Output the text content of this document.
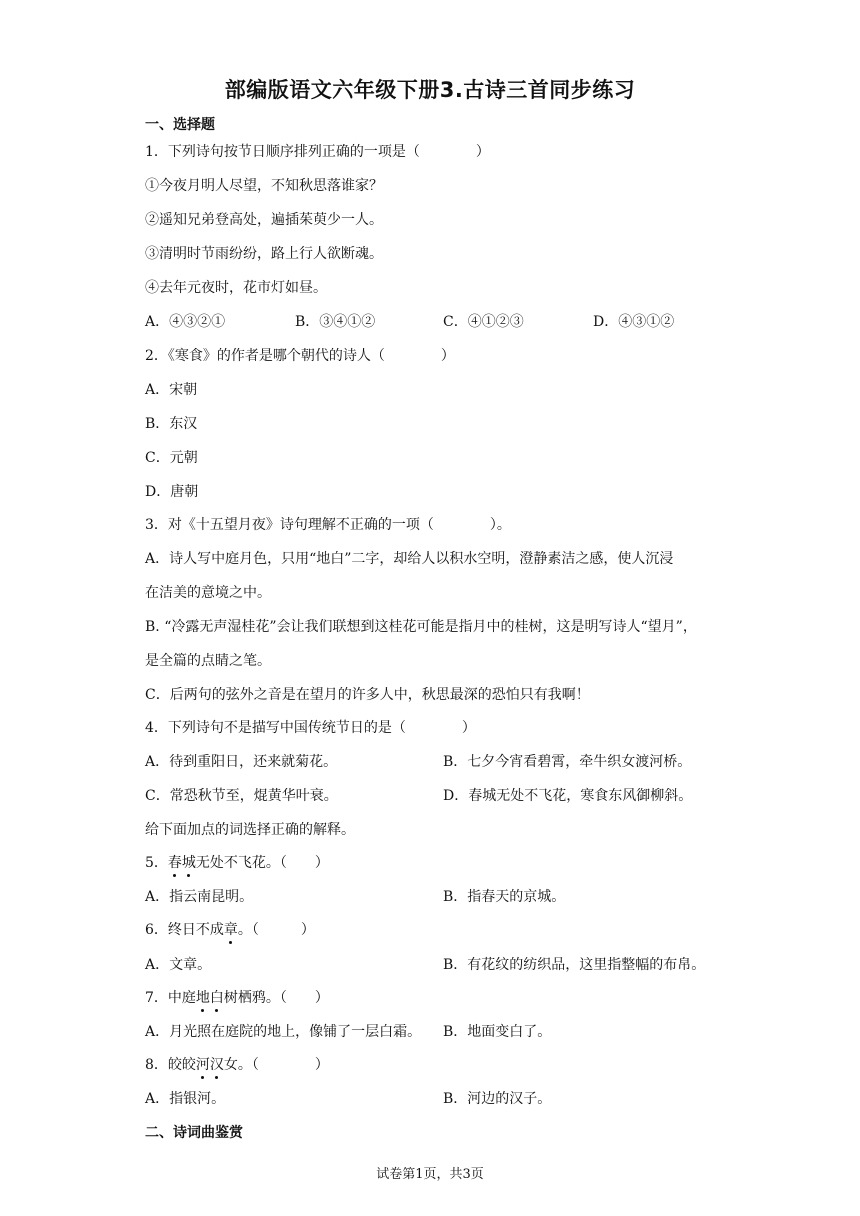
部编版语文六年级下册3.古诗三首同步练习
一、选择题
1．下列诗句按节日顺序排列正确的一项是（　　　　）
①今夜月明人尽望，不知秋思落谁家？
②遥知兄弟登高处，遍插茱萸少一人。
③清明时节雨纷纷，路上行人欲断魂。
④去年元夜时，花市灯如昼。
A．④③②①	B．③④①②	C．④①②③	D．④③①②
2．《寒食》的作者是哪个朝代的诗人（　　　　）
A．宋朝
B．东汉
C．元朝
D．唐朝
3．对《十五望月夜》诗句理解不正确的一项（　　　　）。
A．诗人写中庭月色，只用“地白”二字，却给人以积水空明，澄静素洁之感，使人沉浸
在洁美的意境之中。
B. “冷露无声湿桂花”会让我们联想到这桂花可能是指月中的桂树，这是明写诗人“望月”，
是全篇的点睛之笔。
C．后两句的弦外之音是在望月的许多人中，秋思最深的恐怕只有我啊！
4．下列诗句不是描写中国传统节日的是（　　　　）
A．待到重阳日，还来就菊花。	B．七夕今宵看碧霄，牵牛织女渡河桥。
C．常恐秋节至，焜黄华叶衰。	D．春城无处不飞花，寒食东风御柳斜。
给下面加点的词选择正确的解释。
5．春城无处不飞花。（　　）
A．指云南昆明。	B．指春天的京城。
6．终日不成章。（　　　）
A．文章。	B．有花纹的纺织品，这里指整幅的布帛。
7．中庭地白树栖鸦。（　　）
A．月光照在庭院的地上，像铺了一层白霜。 B．地面变白了。
8．皎皎河汉女。（　　　　）
A．指银河。	B．河边的汉子。
二、诗词曲鉴赏
试卷第1页，共3页
